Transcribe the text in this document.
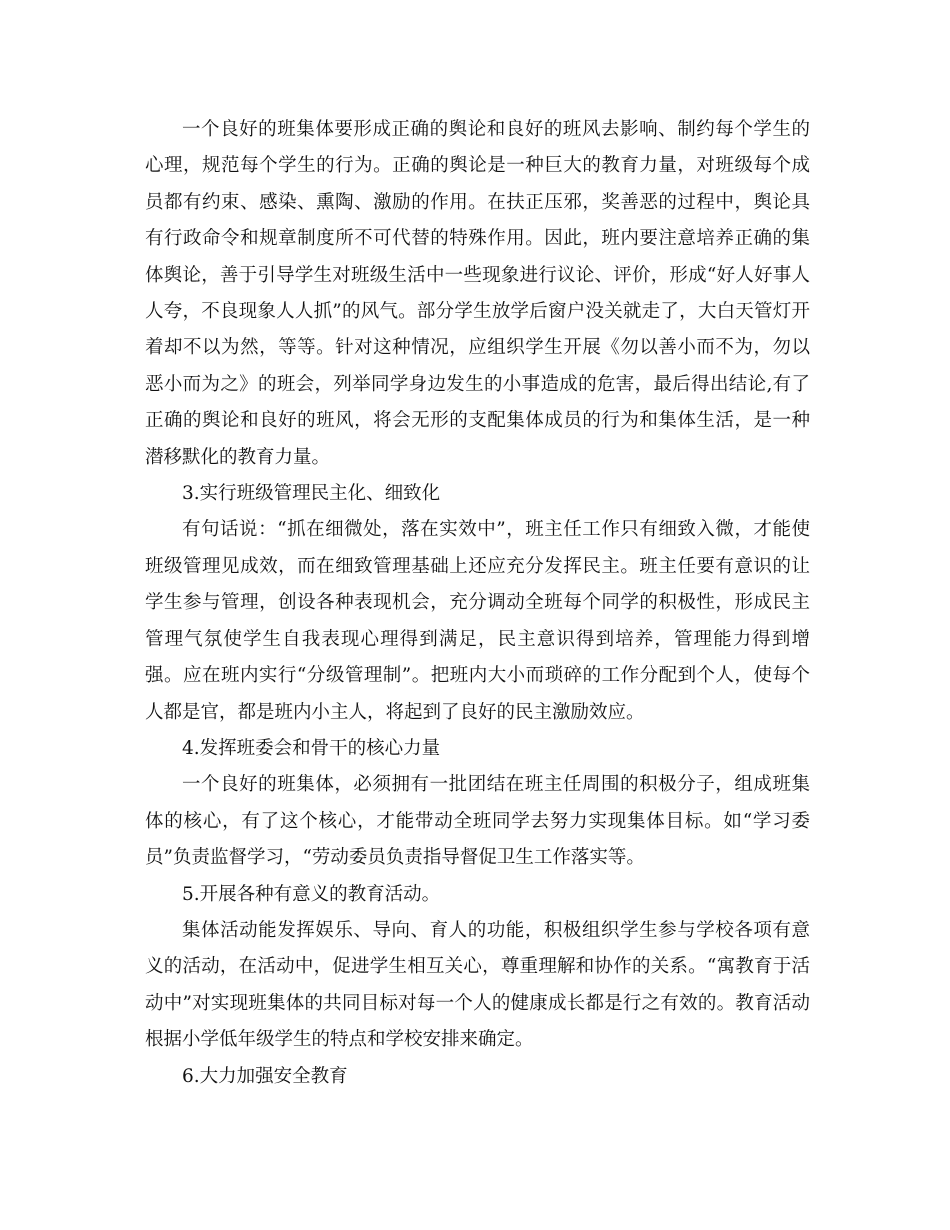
一个良好的班集体要形成正确的舆论和良好的班风去影响、制约每个学生的心理，规范每个学生的行为。正确的舆论是一种巨大的教育力量，对班级每个成员都有约束、感染、熏陶、激励的作用。在扶正压邪，奖善恶的过程中，舆论具有行政命令和规章制度所不可代替的特殊作用。因此，班内要注意培养正确的集体舆论，善于引导学生对班级生活中一些现象进行议论、评价，形成“好人好事人人夸，不良现象人人抓”的风气。部分学生放学后窗户没关就走了，大白天管灯开着却不以为然，等等。针对这种情况，应组织学生开展《勿以善小而不为，勿以恶小而为之》的班会，列举同学身边发生的小事造成的危害，最后得出结论,有了正确的舆论和良好的班风，将会无形的支配集体成员的行为和集体生活，是一种潜移默化的教育力量。

3.实行班级管理民主化、细致化

有句话说：“抓在细微处，落在实效中”，班主任工作只有细致入微，才能使班级管理见成效，而在细致管理基础上还应充分发挥民主。班主任要有意识的让学生参与管理，创设各种表现机会，充分调动全班每个同学的积极性，形成民主管理气氛使学生自我表现心理得到满足，民主意识得到培养，管理能力得到增强。应在班内实行“分级管理制”。把班内大小而琐碎的工作分配到个人，使每个人都是官，都是班内小主人，将起到了良好的民主激励效应。

4.发挥班委会和骨干的核心力量

一个良好的班集体，必须拥有一批团结在班主任周围的积极分子，组成班集体的核心，有了这个核心，才能带动全班同学去努力实现集体目标。如“学习委员”负责监督学习，“劳动委员负责指导督促卫生工作落实等。

5.开展各种有意义的教育活动。

集体活动能发挥娱乐、导向、育人的功能，积极组织学生参与学校各项有意义的活动，在活动中，促进学生相互关心，尊重理解和协作的关系。“寓教育于活动中”对实现班集体的共同目标对每一个人的健康成长都是行之有效的。教育活动根据小学低年级学生的特点和学校安排来确定。

6.大力加强安全教育
